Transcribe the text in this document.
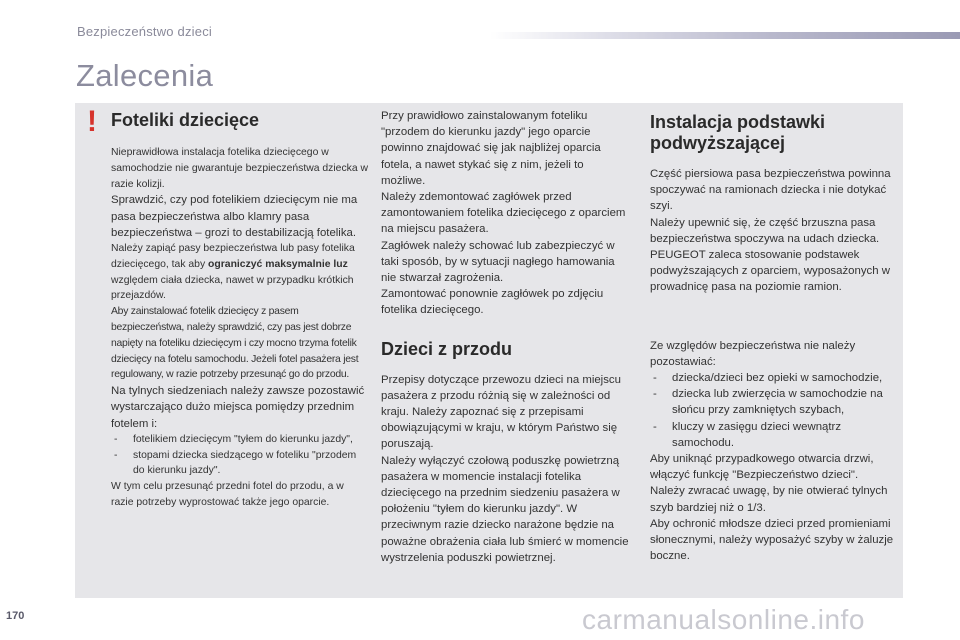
Bezpieczeństwo dzieci
Zalecenia
! Foteliki dziecięce

Nieprawidłowa instalacja fotelika dziecięcego w samochodzie nie gwarantuje bezpieczeństwa dziecka w razie kolizji.

Sprawdzić, czy pod fotelikiem dziecięcym nie ma pasa bezpieczeństwa albo klamry pasa bezpieczeństwa – grozi to destabilizacją fotelika.

Należy zapiąć pasy bezpieczeństwa lub pasy fotelika dziecięcego, tak aby ograniczyć maksymalnie luz względem ciała dziecka, nawet w przypadku krótkich przejazdów.

Aby zainstalować fotelik dziecięcy z pasem bezpieczeństwa, należy sprawdzić, czy pas jest dobrze napięty na foteliku dziecięcym i czy mocno trzyma fotelik dziecięcy na fotelu samochodu. Jeżeli fotel pasażera jest regulowany, w razie potrzeby przesunąć go do przodu.

Na tylnych siedzeniach należy zawsze pozostawić wystarczająco dużo miejsca pomiędzy przednim fotelem i:

- fotelikiem dziecięcym "tyłem do kierunku jazdy",
- stopami dziecka siedzącego w foteliku "przodem do kierunku jazdy".

W tym celu przesunąć przedni fotel do przodu, a w razie potrzeby wyprostować także jego oparcie.

Przy prawidłowo zainstalowanym foteliku "przodem do kierunku jazdy" jego oparcie powinno znajdować się jak najbliżej oparcia fotela, a nawet stykać się z nim, jeżeli to możliwe.

Należy zdemontować zagłówek przed zamontowaniem fotelika dziecięcego z oparciem na miejscu pasażera.

Zagłówek należy schować lub zabezpieczyć w taki sposób, by w sytuacji nagłego hamowania nie stwarzał zagrożenia.

Zamontować ponownie zagłówek po zdjęciu fotelika dziecięcego.

Dzieci z przodu

Przepisy dotyczące przewozu dzieci na miejscu pasażera z przodu różnią się w zależności od kraju. Należy zapoznać się z przepisami obowiązującymi w kraju, w którym Państwo się poruszają.

Należy wyłączyć czołową poduszkę powietrzną pasażera w momencie instalacji fotelika dziecięcego na przednim siedzeniu pasażera w położeniu "tyłem do kierunku jazdy". W przeciwnym razie dziecko narażone będzie na poważne obrażenia ciała lub śmierć w momencie wystrzelenia poduszki powietrznej.

Instalacja podstawki podwyższającej

Część piersiowa pasa bezpieczeństwa powinna spoczywać na ramionach dziecka i nie dotykać szyi.

Należy upewnić się, że część brzuszna pasa bezpieczeństwa spoczywa na udach dziecka.

PEUGEOT zaleca stosowanie podstawek podwyższających z oparciem, wyposażonych w prowadnicę pasa na poziomie ramion.

Ze względów bezpieczeństwa nie należy pozostawiać:

- dziecka/dzieci bez opieki w samochodzie,
- dziecka lub zwierzęcia w samochodzie na słońcu przy zamkniętych szybach,
- kluczy w zasięgu dzieci wewnątrz samochodu.

Aby uniknąć przypadkowego otwarcia drzwi, włączyć funkcję "Bezpieczeństwo dzieci".

Należy zwracać uwagę, by nie otwierać tylnych szyb bardziej niż o 1/3.

Aby ochronić młodsze dzieci przed promieniami słonecznymi, należy wyposażyć szyby w żaluzje boczne.

170	carmanualsonline.info
